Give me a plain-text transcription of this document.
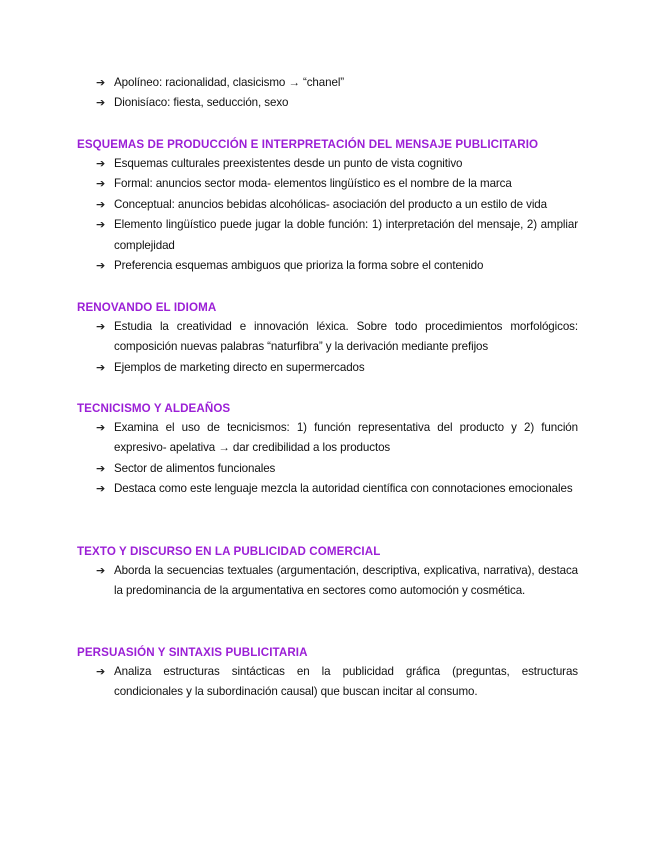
➔ Apolíneo: racionalidad, clasicismo → “chanel”
➔ Dionisíaco: fiesta, seducción, sexo
ESQUEMAS DE PRODUCCIÓN E INTERPRETACIÓN DEL MENSAJE PUBLICITARIO
➔ Esquemas culturales preexistentes desde un punto de vista cognitivo
➔ Formal: anuncios sector moda- elementos lingüístico es el nombre de la marca
➔ Conceptual: anuncios bebidas alcohólicas- asociación del producto a un estilo de vida
➔ Elemento lingüístico puede jugar la doble función: 1) interpretación del mensaje, 2) ampliar complejidad
➔ Preferencia esquemas ambiguos que prioriza la forma sobre el contenido
RENOVANDO EL IDIOMA
➔ Estudia la creatividad e innovación léxica. Sobre todo procedimientos morfológicos: composición nuevas palabras “naturfibra” y la derivación mediante prefijos
➔ Ejemplos de marketing directo en supermercados
TECNICISMO Y ALDEAÑOS
➔ Examina el uso de tecnicismos: 1) función representativa del producto y 2) función expresivo- apelativa → dar credibilidad a los productos
➔ Sector de alimentos funcionales
➔ Destaca como este lenguaje mezcla la autoridad científica con connotaciones emocionales
TEXTO Y DISCURSO EN LA PUBLICIDAD COMERCIAL
➔ Aborda la secuencias textuales (argumentación, descriptiva, explicativa, narrativa), destaca la predominancia de la argumentativa en sectores como automoción y cosmética.
PERSUASIÓN Y SINTAXIS PUBLICITARIA
➔ Analiza estructuras sintácticas en la publicidad gráfica (preguntas, estructuras condicionales y la subordinación causal) que buscan incitar al consumo.
